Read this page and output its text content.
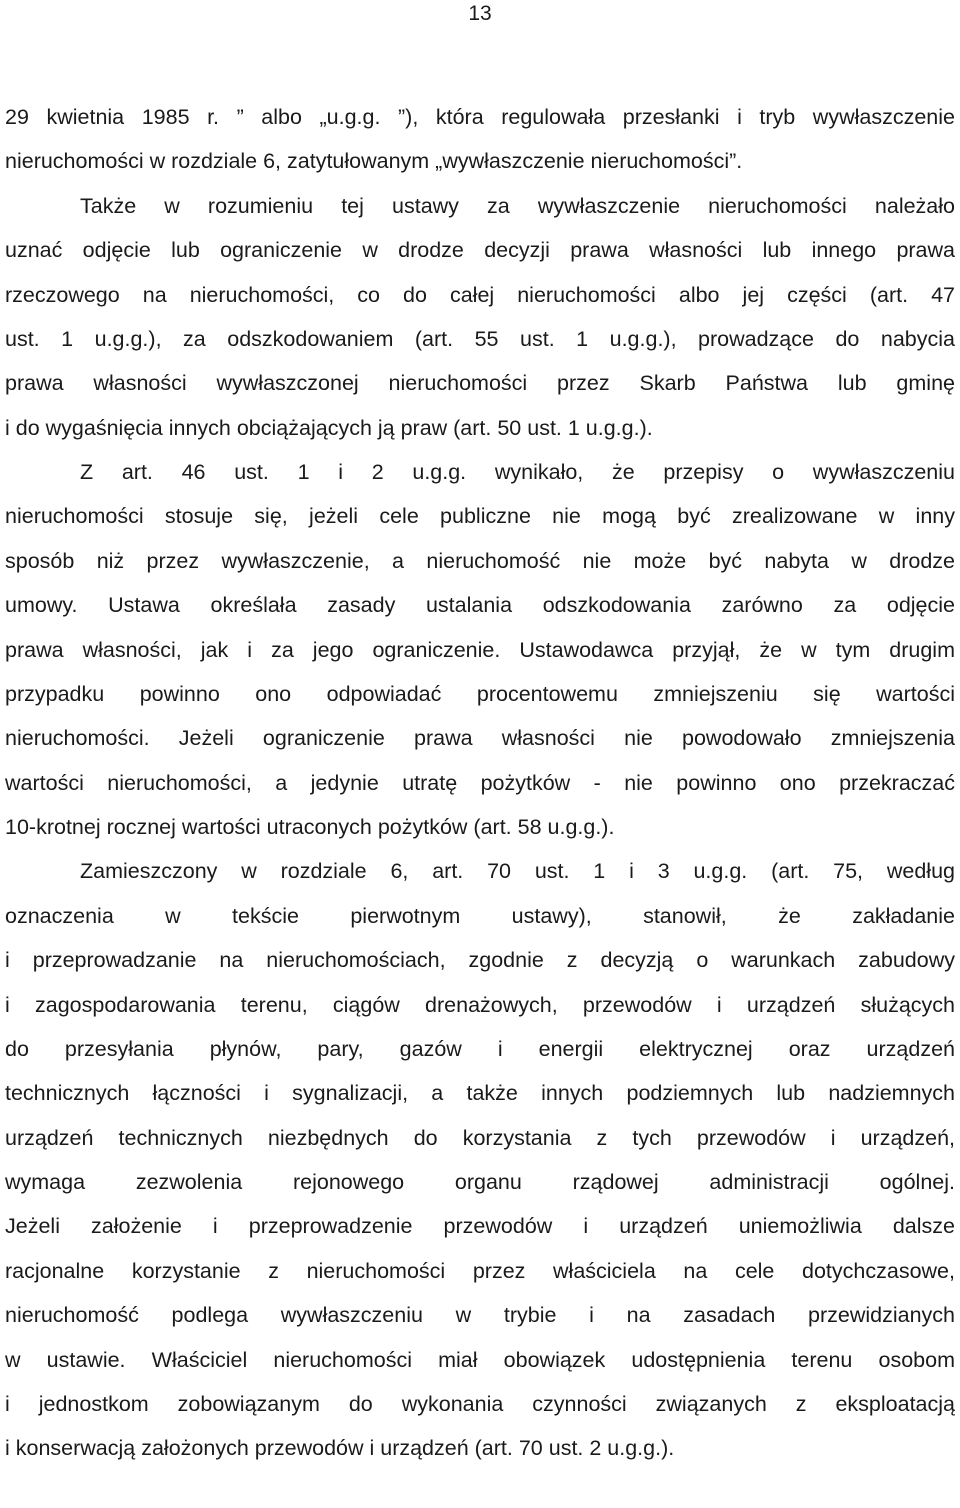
13
29 kwietnia 1985 r. ” albo „u.g.g. ”), która regulowała przesłanki i tryb wywłaszczenie
nieruchomości w rozdziale 6, zatytułowanym „wywłaszczenie nieruchomości”.
Także w rozumieniu tej ustawy za wywłaszczenie nieruchomości należało
uznać odjęcie lub ograniczenie w drodze decyzji prawa własności lub innego prawa
rzeczowego na nieruchomości, co do całej nieruchomości albo jej części (art. 47
ust. 1 u.g.g.), za odszkodowaniem (art. 55 ust. 1 u.g.g.), prowadzące do nabycia
prawa własności wywłaszczonej nieruchomości przez Skarb Państwa lub gminę
i do wygaśnięcia innych obciążających ją praw (art. 50 ust. 1 u.g.g.).
Z art. 46 ust. 1 i 2 u.g.g. wynikało, że przepisy o wywłaszczeniu
nieruchomości stosuje się, jeżeli cele publiczne nie mogą być zrealizowane w inny
sposób niż przez wywłaszczenie, a nieruchomość nie może być nabyta w drodze
umowy. Ustawa określała zasady ustalania odszkodowania zarówno za odjęcie
prawa własności, jak i za jego ograniczenie. Ustawodawca przyjął, że w tym drugim
przypadku powinno ono odpowiadać procentowemu zmniejszeniu się wartości
nieruchomości. Jeżeli ograniczenie prawa własności nie powodowało zmniejszenia
wartości nieruchomości, a jedynie utratę pożytków - nie powinno ono przekraczać
10-krotnej rocznej wartości utraconych pożytków (art. 58 u.g.g.).
Zamieszczony w rozdziale 6, art. 70 ust. 1 i 3 u.g.g. (art. 75, według
oznaczenia w tekście pierwotnym ustawy), stanowił, że zakładanie
i przeprowadzanie na nieruchomościach, zgodnie z decyzją o warunkach zabudowy
i zagospodarowania terenu, ciągów drenażowych, przewodów i urządzeń służących
do przesyłania płynów, pary, gazów i energii elektrycznej oraz urządzeń
technicznych łączności i sygnalizacji, a także innych podziemnych lub nadziemnych
urządzeń technicznych niezbędnych do korzystania z tych przewodów i urządzeń,
wymaga zezwolenia rejonowego organu rządowej administracji ogólnej.
Jeżeli założenie i przeprowadzenie przewodów i urządzeń uniemożliwia dalsze
racjonalne korzystanie z nieruchomości przez właściciela na cele dotychczasowe,
nieruchomość podlega wywłaszczeniu w trybie i na zasadach przewidzianych
w ustawie. Właściciel nieruchomości miał obowiązek udostępnienia terenu osobom
i jednostkom zobowiązanym do wykonania czynności związanych z eksploatacją
i konserwacją założonych przewodów i urządzeń (art. 70 ust. 2 u.g.g.).
